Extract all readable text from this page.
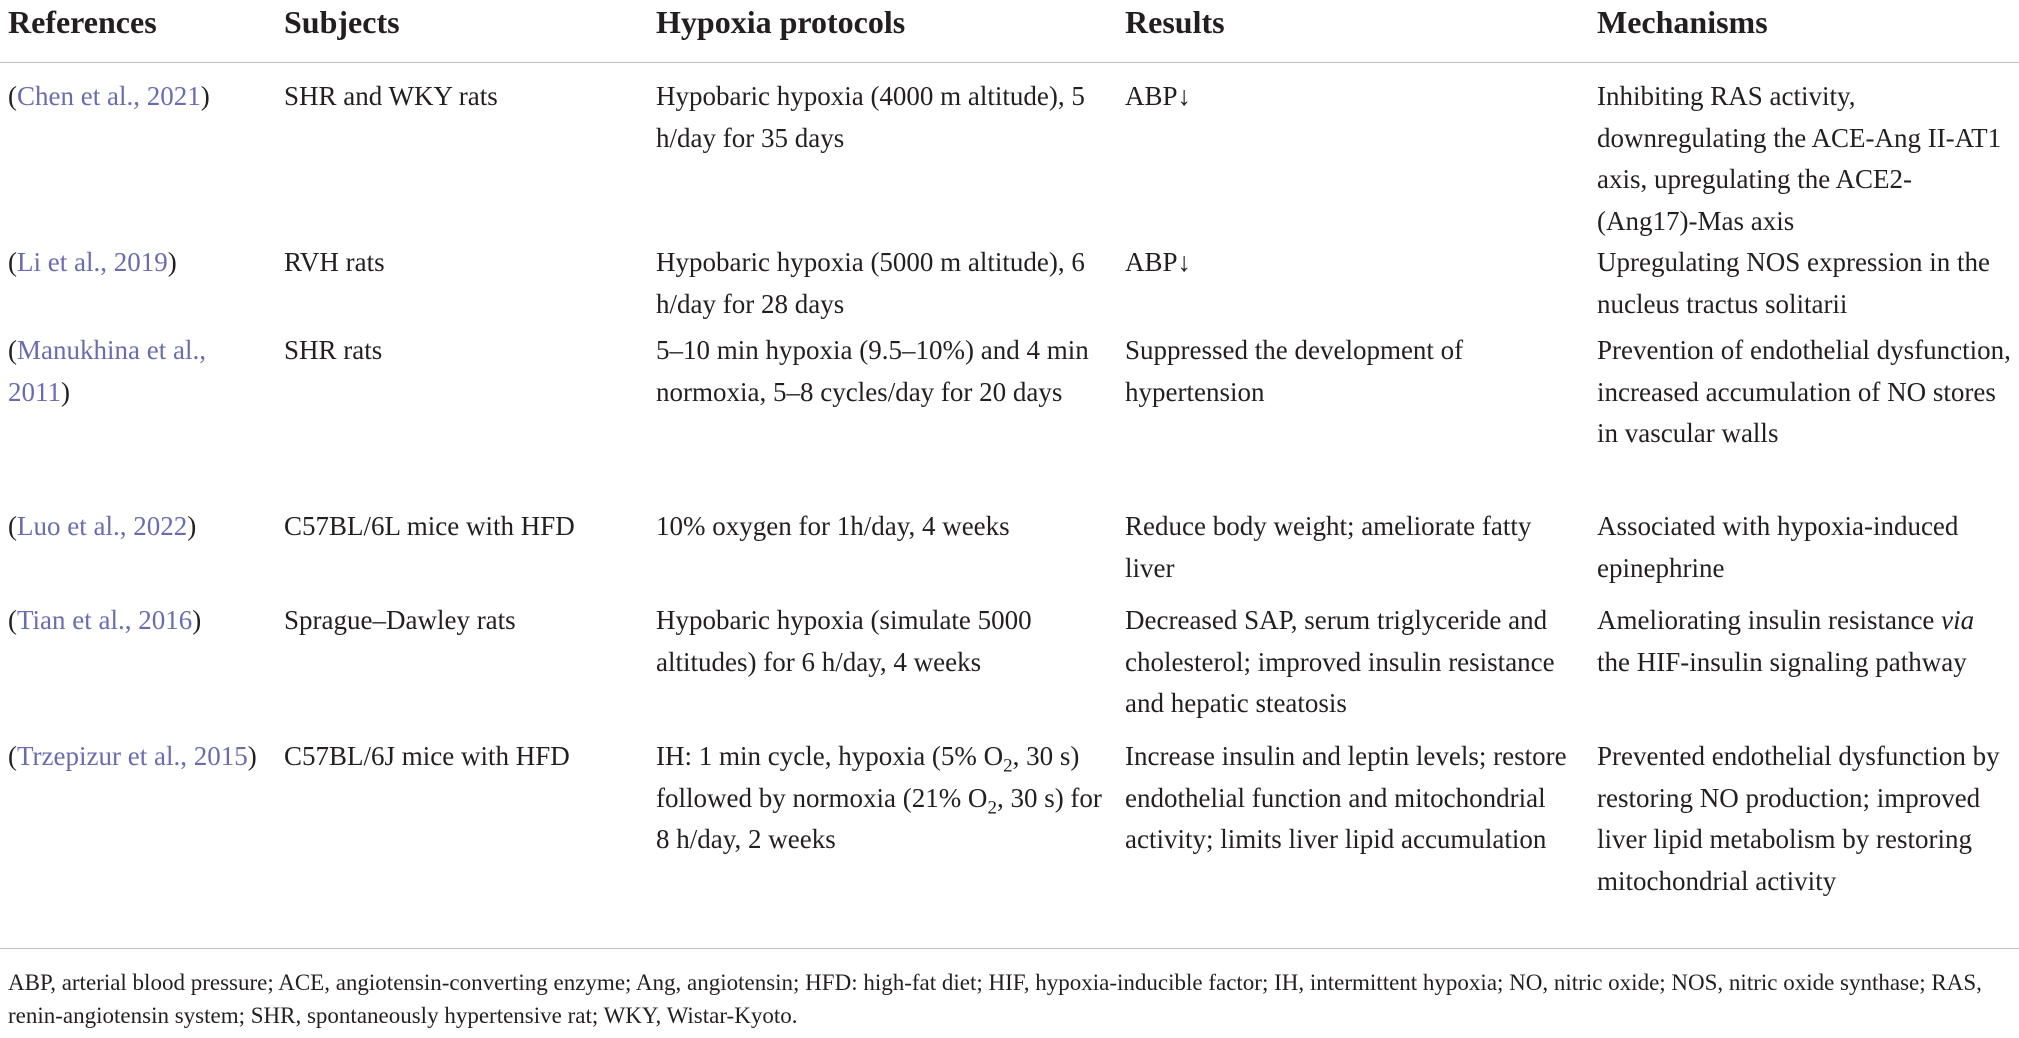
References	Subjects	Hypoxia protocols	Results	Mechanisms
(Chen et al., 2021)	SHR and WKY rats	Hypobaric hypoxia (4000 m altitude), 5 h/day for 35 days	ABP↓	Inhibiting RAS activity, downregulating the ACE-Ang II-AT1 axis, upregulating the ACE2-(Ang17)-Mas axis
(Li et al., 2019)	RVH rats	Hypobaric hypoxia (5000 m altitude), 6 h/day for 28 days	ABP↓	Upregulating NOS expression in the nucleus tractus solitarii
(Manukhina et al., 2011)	SHR rats	5–10 min hypoxia (9.5–10%) and 4 min normoxia, 5–8 cycles/day for 20 days	Suppressed the development of hypertension	Prevention of endothelial dysfunction, increased accumulation of NO stores in vascular walls
(Luo et al., 2022)	C57BL/6L mice with HFD	10% oxygen for 1h/day, 4 weeks	Reduce body weight; ameliorate fatty liver	Associated with hypoxia-induced epinephrine
(Tian et al., 2016)	Sprague–Dawley rats	Hypobaric hypoxia (simulate 5000 altitudes) for 6 h/day, 4 weeks	Decreased SAP, serum triglyceride and cholesterol; improved insulin resistance and hepatic steatosis	Ameliorating insulin resistance via the HIF-insulin signaling pathway
(Trzepizur et al., 2015)	C57BL/6J mice with HFD	IH: 1 min cycle, hypoxia (5% $O_2$, 30 s) followed by normoxia (21% $O_2$, 30 s) for 8 h/day, 2 weeks	Increase insulin and leptin levels; restore endothelial function and mitochondrial activity; limits liver lipid accumulation	Prevented endothelial dysfunction by restoring NO production; improved liver lipid metabolism by restoring mitochondrial activity
ABP, arterial blood pressure; ACE, angiotensin-converting enzyme; Ang, angiotensin; HFD: high-fat diet; HIF, hypoxia-inducible factor; IH, intermittent hypoxia; NO, nitric oxide; NOS, nitric oxide synthase; RAS, renin-angiotensin system; SHR, spontaneously hypertensive rat; WKY, Wistar-Kyoto.
